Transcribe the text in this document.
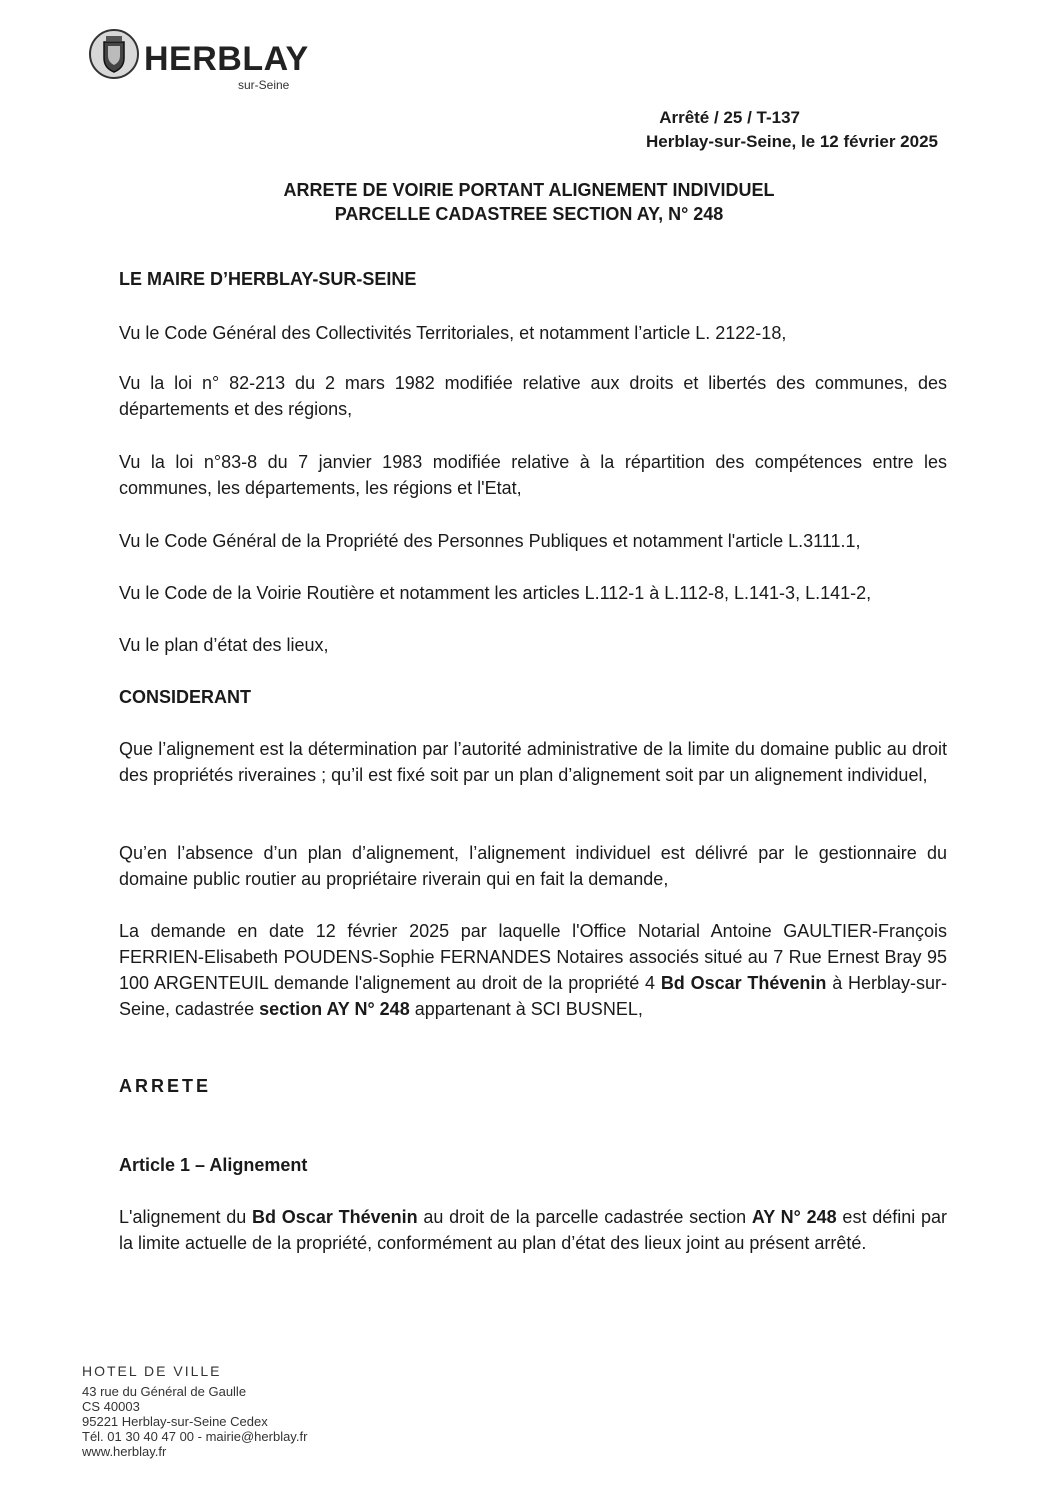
HERBLAY
sur-Seine
Arrêté / 25 / T-137
Herblay-sur-Seine, le 12 février 2025
ARRETE DE VOIRIE PORTANT ALIGNEMENT INDIVIDUEL
PARCELLE CADASTREE SECTION AY, N° 248
LE MAIRE D’HERBLAY-SUR-SEINE
Vu le Code Général des Collectivités Territoriales, et notamment l’article L. 2122-18,
Vu la loi n° 82-213 du 2 mars 1982 modifiée relative aux droits et libertés des communes, des départements et des régions,
Vu la loi n°83-8 du 7 janvier 1983 modifiée relative à la répartition des compétences entre les communes, les départements, les régions et l'Etat,
Vu le Code Général de la Propriété des Personnes Publiques et notamment l'article L.3111.1,
Vu le Code de la Voirie Routière et notamment les articles L.112-1 à L.112-8, L.141-3, L.141-2,
Vu le plan d’état des lieux,
CONSIDERANT
Que l’alignement est la détermination par l’autorité administrative de la limite du domaine public au droit des propriétés riveraines ; qu’il est fixé soit par un plan d’alignement soit par un alignement individuel,
Qu’en l’absence d’un plan d’alignement, l’alignement individuel est délivré par le gestionnaire du domaine public routier au propriétaire riverain qui en fait la demande,
La demande en date 12 février 2025 par laquelle l'Office Notarial Antoine GAULTIER-François FERRIEN-Elisabeth POUDENS-Sophie FERNANDES Notaires associés situé au 7 Rue Ernest Bray 95 100 ARGENTEUIL demande l'alignement au droit de la propriété 4 Bd Oscar Thévenin à Herblay-sur-Seine, cadastrée section AY N° 248 appartenant à SCI BUSNEL,
ARRETE
Article 1 – Alignement
L'alignement du Bd Oscar Thévenin au droit de la parcelle cadastrée section AY N° 248 est défini par la limite actuelle de la propriété, conformément au plan d’état des lieux joint au présent arrêté.
HOTEL DE VILLE
43 rue du Général de Gaulle
CS 40003
95221 Herblay-sur-Seine Cedex
Tél. 01 30 40 47 00 - mairie@herblay.fr
www.herblay.fr
